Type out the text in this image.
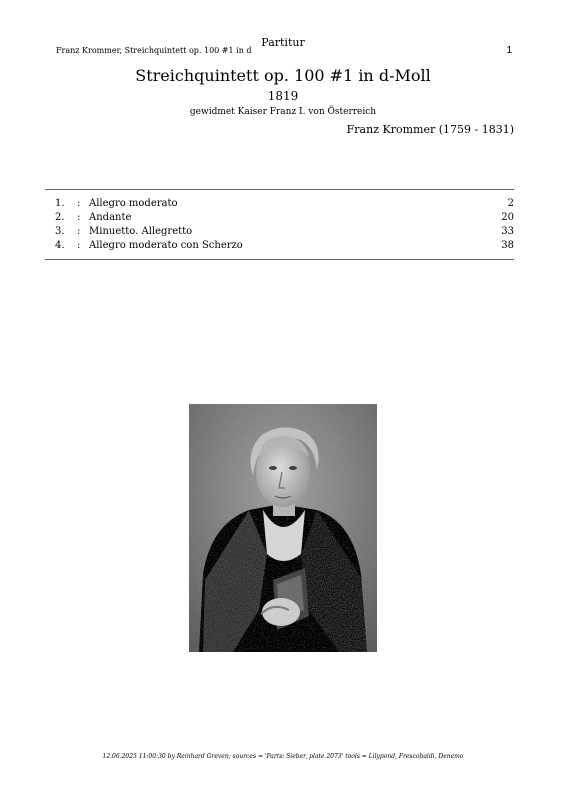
Partitur
Franz Krommer, Streichquintett op. 100 #1 in d	1
Streichquintett op. 100 #1 in d-Moll
1819
gewidmet Kaiser Franz I. von Österreich
Franz Krommer (1759 - 1831)
1.	: Allegro moderato	2
2.	: Andante	20
3.	: Minuetto. Allegretto	33
4.	: Allegro moderato con Scherzo	38
12.06.2025 11:00:30 by Reinhard Greven; sources = 'Parts: Sieber, plate 2073' tools = Lilypond, Frescobaldi, Denemo
